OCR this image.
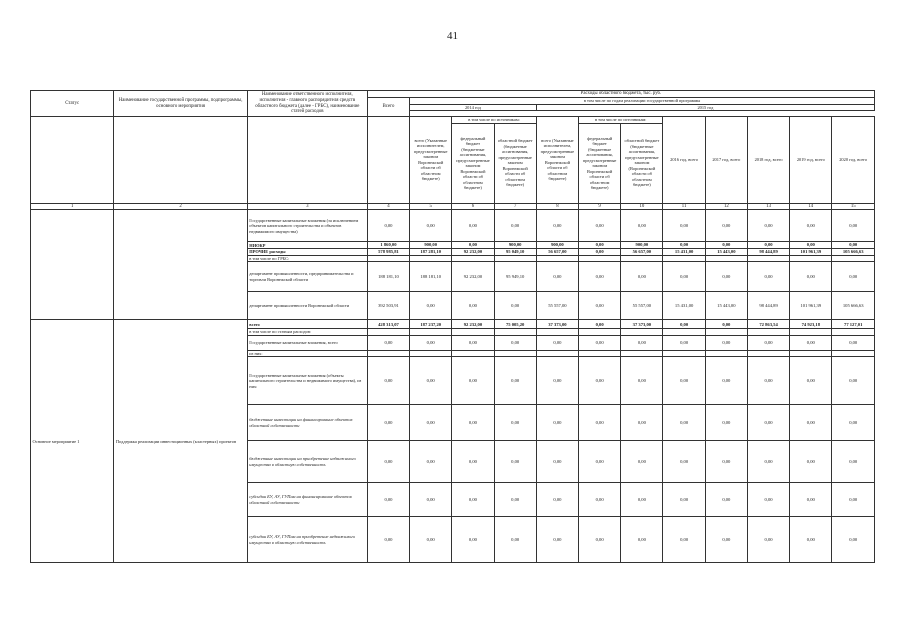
41
Статус	Наименование государственной программы, подпрограммы, основного мероприятия	Наименование ответственного исполнителя, исполнителя - главного распорядителя средств областного бюджета (далее - ГРБС), наименование статей расходов	Расходы областного бюджета, тыс. руб.											
			Всего	в том числе по годам реализации государственной программы										
				2014 год			2015 год							

				всего (Указанные исполнителем, предусмотренные законом Воронежской области об областном бюджете)	в том числе по источникам:		всего (Указанные исполнителем, предусмотренные законом Воронежской области об областном бюджете)	в том числе по источникам:		2016 год, всего	2017 год, всего	2018 год, всего	2019 год, всего	2020 год, всего
					федеральный бюджет (бюджетные ассигнования, предусмотренные законом Воронежской области об областном бюджете)	областной бюджет (бюджетные ассигнования, предусмотренные законом Воронежской области об областном бюджете)		федеральный бюджет (бюджетные ассигнования, предусмотренные законом Воронежской области об областном бюджете)	областной бюджет (бюджетные ассигнования, предусмотренные законом (Воронежской области об областном бюджете)					
1	2	3	4	5	6	7	8	9	10	11	12	13	14	15
		Государственные капитальные вложения (за исключением объектов капитального строительства и объектов недвижимого имущества)	0,00	0,00	0,00	0,00	0,00	0,00	0,00	0,00	0,00	0,00	0,00	0,00
		НИОКР	1 860,00	900,00	0,00	900,00	900,00	0,00	900,00	0,00	0,00	0,00	0,00	0,00
		ПРОЧИЕ расходы	578 985,81	187 281,10	92 232,00	95 049,10	56 657,00	0,00	56 657,00	15 431,00	15 443,00	98 444,89	101 961,39	105 666,63
		в том числе по ГРБС:												
		департамент промышленности, предпринимательства и торговли Воронежской области	188 181,10	188 181,10	92 232,00	95 949,10	0,00	0,00	0,00	0,00	0,00	0,00	0,00	0,00
		департамент промышленности Воронежской области	392 503,91	0,00	0,00	0,00	55 557,00	0,00	55 557,00	15 431,00	15 443,00	98 444,89	101 961,39	105 666,63
Основное мероприятие 1	Поддержка реализации инвестиционных (кластерных) проектов	всего	428 313,07	187 237,20	92 232,00	75 005,20	37 373,00	0,00	37 373,00	0,00	0,00	72 863,54	74 923,18	77 127,01
		в том числе по статьям расходов:												
		Государственные капитальные вложения, всего	0,00	0,00	0,00	0,00	0,00	0,00	0,00	0,00	0,00	0,00	0,00	0,00
		из них:												
		Государственные капитальные вложения (объекты капитального строительства и недвижимого имущества), из них:	0,00	0,00	0,00	0,00	0,00	0,00	0,00	0,00	0,00	0,00	0,00	0,00
		бюджетные инвестиции на финансирование объектов областной собственности	0,00	0,00	0,00	0,00	0,00	0,00	0,00	0,00	0,00	0,00	0,00	0,00
		бюджетные инвестиции на приобретение недвижимого имущества в областную собственность	0,00	0,00	0,00	0,00	0,00	0,00	0,00	0,00	0,00	0,00	0,00	0,00
		субсидии БУ, АУ, ГУПам на финансирование объектов областной собственности	0,00	0,00	0,00	0,00	0,00	0,00	0,00	0,00	0,00	0,00	0,00	0,00
		субсидии БУ, АУ, ГУПам на приобретение недвижимого имущества в областную собственность	0,00	0,00	0,00	0,00	0,00	0,00	0,00	0,00	0,00	0,00	0,00	0,00
